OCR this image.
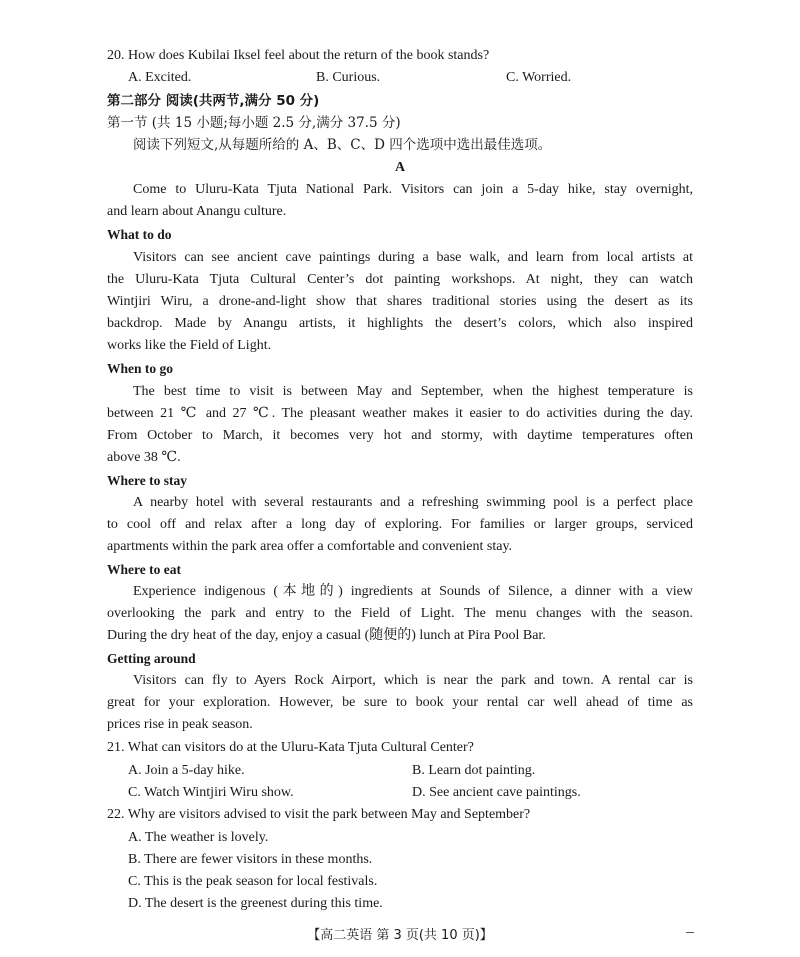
20. How does Kubilai Iksel feel about the return of the book stands?
A. Excited.	B. Curious.	C. Worried.
第二部分 阅读(共两节,满分 50 分)
第一节 (共 15 小题;每小题 2.5 分,满分 37.5 分)
阅读下列短文,从每题所给的 A、B、C、D 四个选项中选出最佳选项。
A
Come to Uluru-Kata Tjuta National Park. Visitors can join a 5-day hike, stay overnight,
and learn about Anangu culture.
What to do
Visitors can see ancient cave paintings during a base walk, and learn from local artists at
the Uluru-Kata Tjuta Cultural Center’s dot painting workshops. At night, they can watch
Wintjiri Wiru, a drone-and-light show that shares traditional stories using the desert as its
backdrop. Made by Anangu artists, it highlights the desert’s colors, which also inspired
works like the Field of Light.
When to go
The best time to visit is between May and September, when the highest temperature is
between 21 ℃ and 27 ℃. The pleasant weather makes it easier to do activities during the day.
From October to March, it becomes very hot and stormy, with daytime temperatures often
above 38 ℃.
Where to stay
A nearby hotel with several restaurants and a refreshing swimming pool is a perfect place
to cool off and relax after a long day of exploring. For families or larger groups, serviced
apartments within the park area offer a comfortable and convenient stay.
Where to eat
Experience indigenous (本地的) ingredients at Sounds of Silence, a dinner with a view
overlooking the park and entry to the Field of Light. The menu changes with the season.
During the dry heat of the day, enjoy a casual (随便的) lunch at Pira Pool Bar.
Getting around
Visitors can fly to Ayers Rock Airport, which is near the park and town. A rental car is
great for your exploration. However, be sure to book your rental car well ahead of time as
prices rise in peak season.
21. What can visitors do at the Uluru-Kata Tjuta Cultural Center?
A. Join a 5-day hike.	B. Learn dot painting.
C. Watch Wintjiri Wiru show.	D. See ancient cave paintings.
22. Why are visitors advised to visit the park between May and September?
A. The weather is lovely.
B. There are fewer visitors in these months.
C. This is the peak season for local festivals.
D. The desert is the greenest during this time.
【高二英语 第 3 页(共 10 页)】
